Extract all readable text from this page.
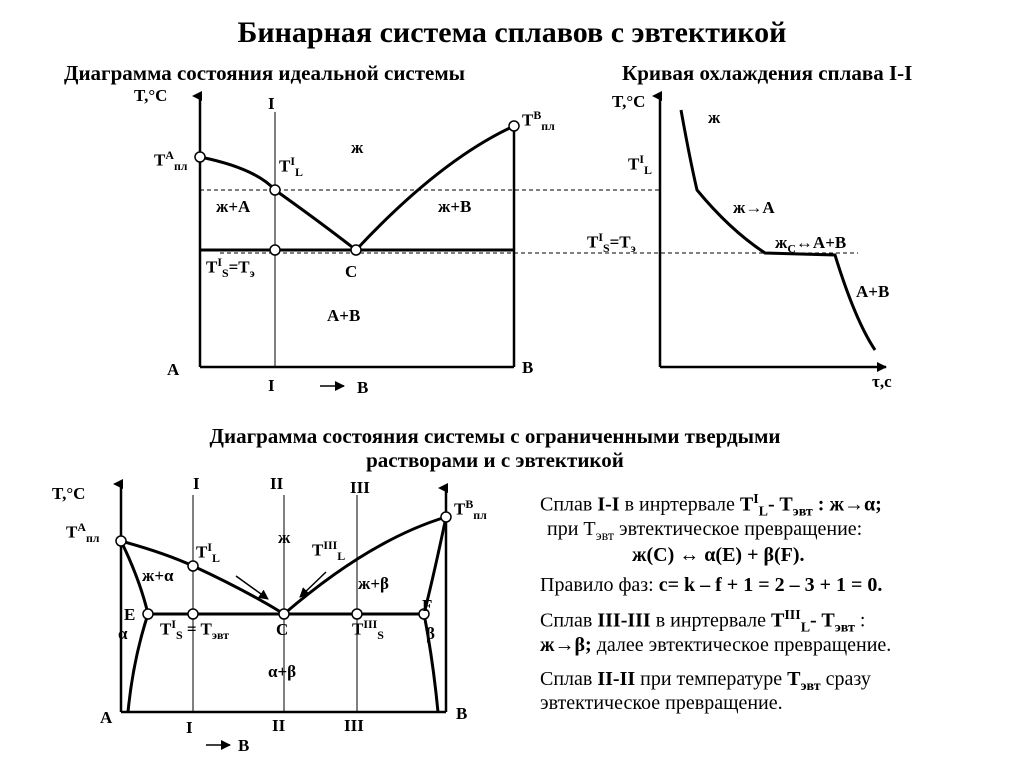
Бинарная система сплавов с эвтектикой
Диаграмма состояния идеальной системы
T,°C	I
$T^A_{пл}$
$T^B_{пл}$
$T^I_L$
ж
ж+А	ж+B
$T^I_S=Т_э$	C
А+В
A	B
I	B
Кривая охлаждения сплава I-I
T,°C
$T^I_L$
$T^I_S=Т_э$
ж
ж→А
$ж_C\leftrightarrow А+В$
А+В
τ,c
Диаграмма состояния системы с ограниченными твердыми
растворами и с эвтектикой
T,°C
I	II	III
$T^A_{пл}$
$T^B_{пл}$
$T^I_L$	$T^{III}_L$
ж
ж+α	ж+β
E	F
α	β
$T^I_S = T_{эвт}$	C	$T^{III}_S$
α+β
A	B
I	II	III
B
Сплав I-I в инртервале $T^I_L-$ $T_{эвт}$ : ж→α;
при $T_{эвт}$ эвтектическое превращение:
ж(С) ↔ α(E) + β(F).
Правило фаз: c= k – f + 1 = 2 – 3 + 1 = 0.
Сплав III-III в инртервале $T^{III}_L-$ $T_{эвт}$ :
ж→β; далее эвтектическое превращение.
Сплав II-II при температуре $T_{эвт}$ сразу
эвтектическое превращение.
